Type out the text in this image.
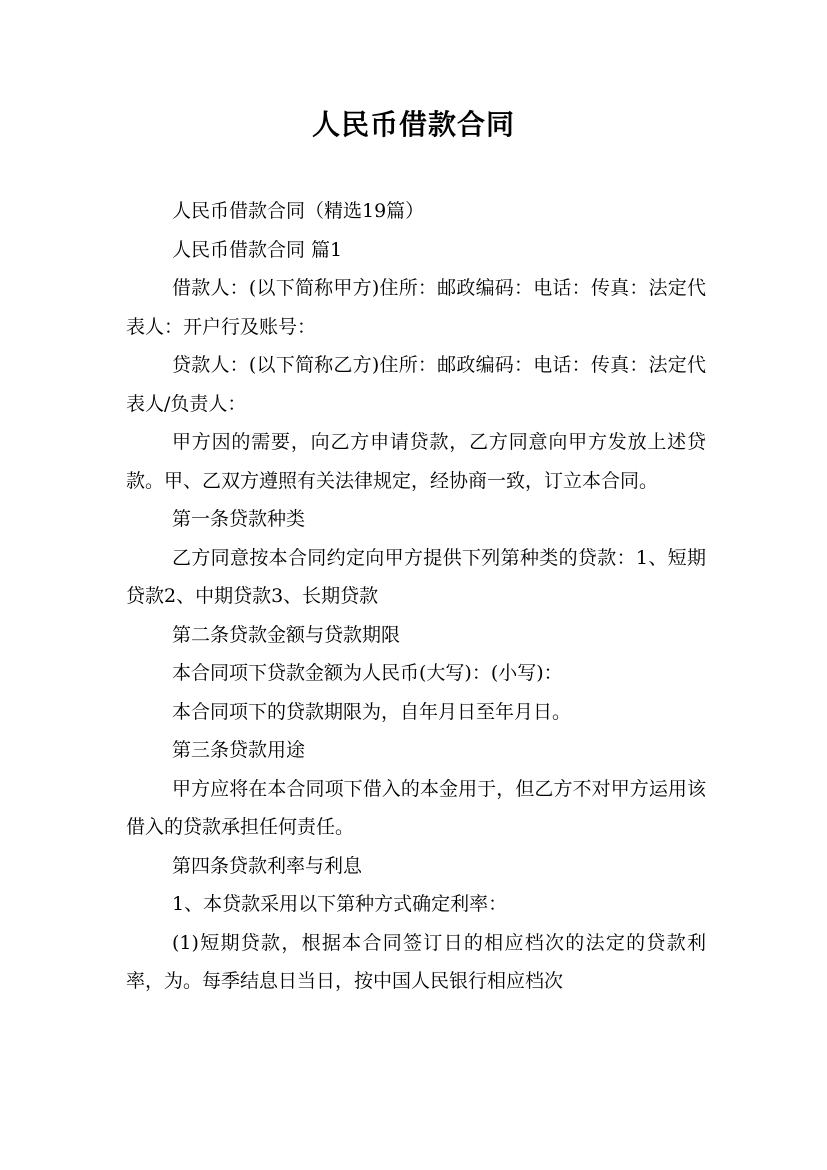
人民币借款合同

人民币借款合同（精选19篇）

人民币借款合同 篇1

借款人：(以下简称甲方)住所：邮政编码：电话：传真：法定代表人：开户行及账号：

贷款人：(以下简称乙方)住所：邮政编码：电话：传真：法定代表人/负责人：

甲方因的需要，向乙方申请贷款，乙方同意向甲方发放上述贷款。甲、乙双方遵照有关法律规定，经协商一致，订立本合同。

第一条贷款种类

乙方同意按本合同约定向甲方提供下列第种类的贷款：1、短期贷款2、中期贷款3、长期贷款

第二条贷款金额与贷款期限

本合同项下贷款金额为人民币(大写)：(小写)：

本合同项下的贷款期限为，自年月日至年月日。

第三条贷款用途

甲方应将在本合同项下借入的本金用于，但乙方不对甲方运用该借入的贷款承担任何责任。

第四条贷款利率与利息

1、本贷款采用以下第种方式确定利率：

(1)短期贷款，根据本合同签订日的相应档次的法定的贷款利率，为。每季结息日当日，按中国人民银行相应档次
